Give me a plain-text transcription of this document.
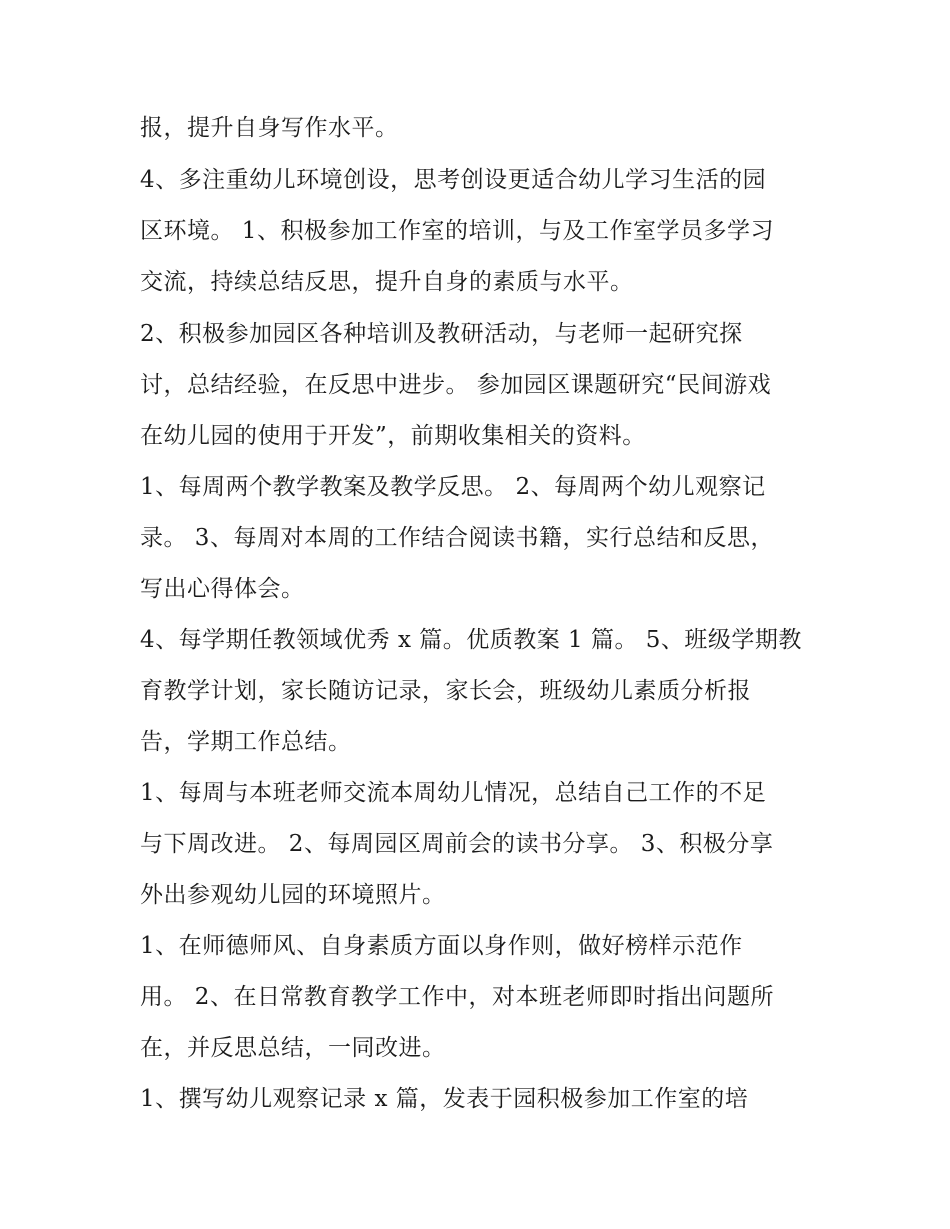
报，提升自身写作水平。
4、多注重幼儿环境创设，思考创设更适合幼儿学习生活的园
区环境。 1、积极参加工作室的培训，与及工作室学员多学习
交流，持续总结反思，提升自身的素质与水平。
2、积极参加园区各种培训及教研活动，与老师一起研究探
讨，总结经验，在反思中进步。 参加园区课题研究“民间游戏
在幼儿园的使用于开发”，前期收集相关的资料。
1、每周两个教学教案及教学反思。 2、每周两个幼儿观察记
录。 3、每周对本周的工作结合阅读书籍，实行总结和反思，
写出心得体会。
4、每学期任教领域优秀 x 篇。优质教案 1 篇。 5、班级学期教
育教学计划，家长随访记录，家长会，班级幼儿素质分析报
告，学期工作总结。
1、每周与本班老师交流本周幼儿情况，总结自己工作的不足
与下周改进。 2、每周园区周前会的读书分享。 3、积极分享
外出参观幼儿园的环境照片。
1、在师德师风、自身素质方面以身作则，做好榜样示范作
用。 2、在日常教育教学工作中，对本班老师即时指出问题所
在，并反思总结，一同改进。
1、撰写幼儿观察记录 x 篇，发表于园积极参加工作室的培
